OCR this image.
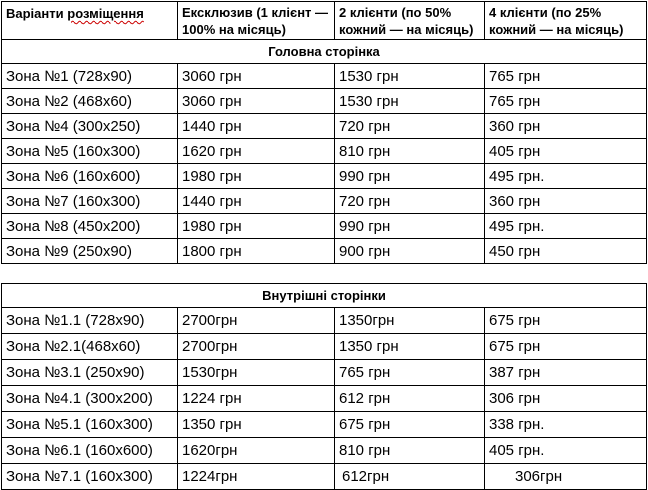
Варіанти розміщення	Ексклюзив (1 клієнт — 100% на місяць)	2 клієнти (по 50% кожний — на місяць)	4 клієнти (по 25% кожний — на місяць)
Головна сторінка			
Зона №1 (728x90)	3060 грн	1530 грн	765 грн
Зона №2 (468x60)	3060 грн	1530 грн	765 грн
Зона №4 (300x250)	1440 грн	720 грн	360 грн
Зона №5 (160x300)	1620 грн	810 грн	405 грн
Зона №6 (160x600)	1980 грн	990 грн	495 грн.
Зона №7 (160x300)	1440 грн	720 грн	360 грн
Зона №8 (450x200)	1980 грн	990 грн	495 грн.
Зона №9 (250x90)	1800 грн	900 грн	450 грн
Внутрішні сторінки			
Зона №1.1 (728x90)	2700грн	1350грн	675 грн
Зона №2.1(468x60)	2700грн	1350 грн	675 грн
Зона №3.1 (250x90)	1530грн	765 грн	387 грн
Зона №4.1 (300x200)	1224 грн	612 грн	306 грн
Зона №5.1 (160x300)	1350 грн	675 грн	338 грн.
Зона №6.1 (160x600)	1620грн	810 грн	405 грн.
Зона №7.1 (160x300)	1224грн	612грн	306грн
